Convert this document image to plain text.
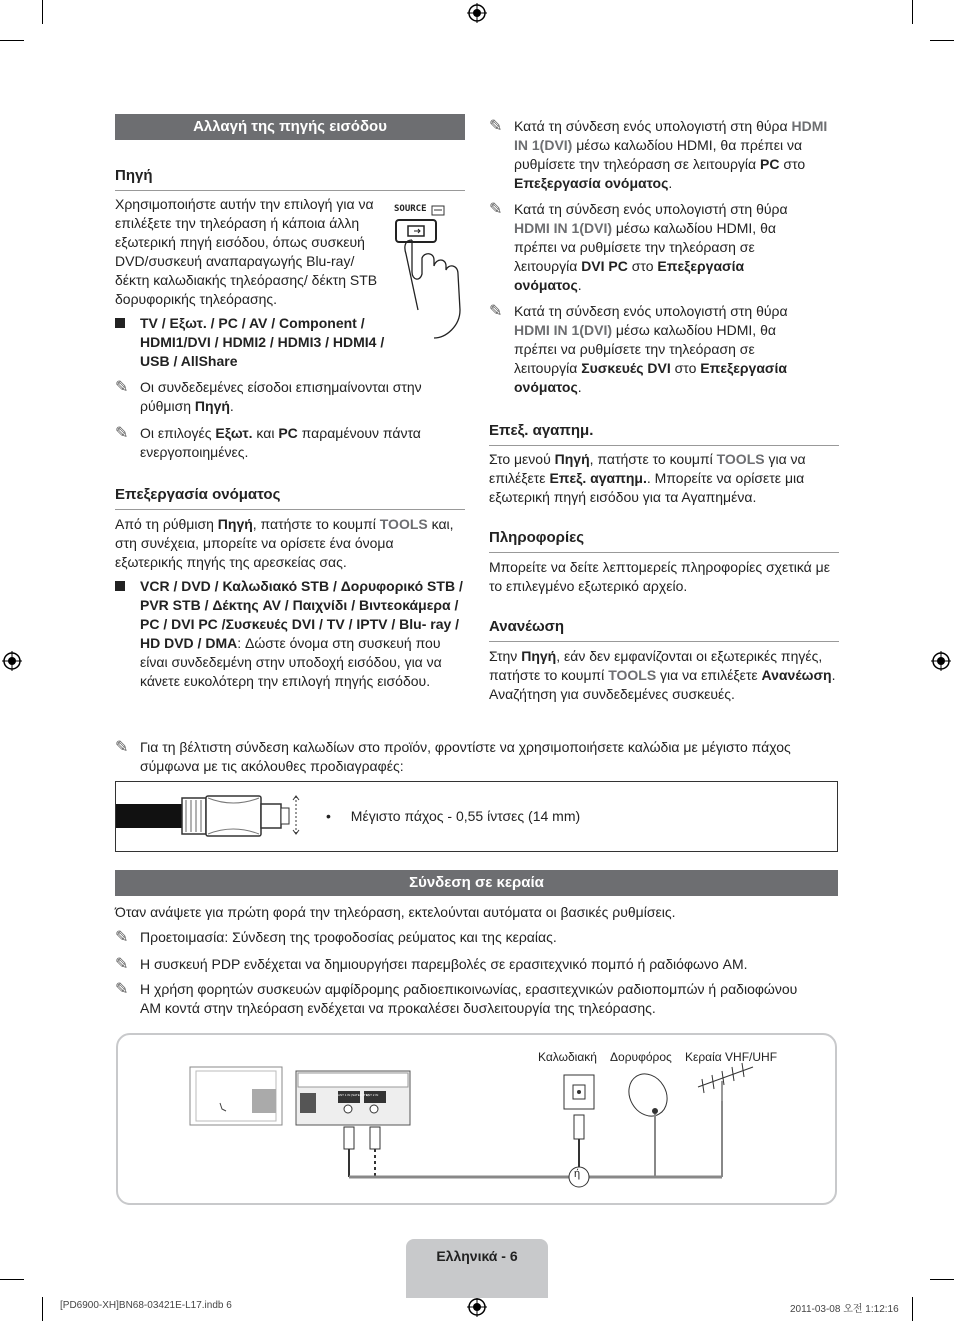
Αλλαγή της πηγής εισόδου
Πηγή
Χρησιμοποιήστε αυτήν την επιλογή για να επιλέξετε την τηλεόραση ή κάποια άλλη εξωτερική πηγή εισόδου, όπως συσκευή DVD/συσκευή αναπαραγωγής Blu-ray/δέκτη καλωδιακής τηλεόρασης/ δέκτη STB δορυφορικής τηλεόρασης.
SOURCE
TV / Εξωτ. / PC / AV / Component / HDMI1/DVI / HDMI2 / HDMI3 / HDMI4 / USB / AllShare
✎ Οι συνδεδεμένες είσοδοι επισημαίνονται στην ρύθμιση Πηγή.
✎ Οι επιλογές Εξωτ. και PC παραμένουν πάντα ενεργοποιημένες.
Επεξεργασία ονόματος
Από τη ρύθμιση Πηγή, πατήστε το κουμπί TOOLS και, στη συνέχεια, μπορείτε να ορίσετε ένα όνομα εξωτερικής πηγής της αρεσκείας σας.
VCR / DVD / Καλωδιακό STB / Δορυφορικό STB / PVR STB / Δέκτης AV / Παιχνίδι / Βιντεοκάμερα / PC / DVI PC /Συσκευές DVI / TV / IPTV / Blu- ray / HD DVD / DMA: Δώστε όνομα στη συσκευή που είναι συνδεδεμένη στην υποδοχή εισόδου, για να κάνετε ευκολότερη την επιλογή πηγής εισόδου.
✎ Κατά τη σύνδεση ενός υπολογιστή στη θύρα HDMI IN 1(DVI) μέσω καλωδίου HDMI, θα πρέπει να ρυθμίσετε την τηλεόραση σε λειτουργία PC στο Επεξεργασία ονόματος.
✎ Κατά τη σύνδεση ενός υπολογιστή στη θύρα HDMI IN 1(DVI) μέσω καλωδίου HDMI, θα πρέπει να ρυθμίσετε την τηλεόραση σε λειτουργία DVI PC στο Επεξεργασία ονόματος.
✎ Κατά τη σύνδεση ενός υπολογιστή στη θύρα HDMI IN 1(DVI) μέσω καλωδίου HDMI, θα πρέπει να ρυθμίσετε την τηλεόραση σε λειτουργία Συσκευές DVI στο Επεξεργασία ονόματος.
Επεξ. αγαπημ.
Στο μενού Πηγή, πατήστε το κουμπί TOOLS για να επιλέξετε Επεξ. αγαπημ.. Μπορείτε να ορίσετε μια εξωτερική πηγή εισόδου για τα Αγαπημένα.
Πληροφορίες
Μπορείτε να δείτε λεπτομερείς πληροφορίες σχετικά με το επιλεγμένο εξωτερικό αρχείο.
Ανανέωση
Στην Πηγή, εάν δεν εμφανίζονται οι εξωτερικές πηγές, πατήστε το κουμπί TOOLS για να επιλέξετε Ανανέωση. Αναζήτηση για συνδεδεμένες συσκευές.
✎ Για τη βέλτιστη σύνδεση καλωδίων στο προϊόν, φροντίστε να χρησιμοποιήσετε καλώδια με μέγιστο πάχος σύμφωνα με τις ακόλουθες προδιαγραφές:
• Μέγιστο πάχος - 0,55 ίντσες (14 mm)
Σύνδεση σε κεραία
Όταν ανάψετε για πρώτη φορά την τηλεόραση, εκτελούνται αυτόματα οι βασικές ρυθμίσεις.
✎ Προετοιμασία: Σύνδεση της τροφοδοσίας ρεύματος και της κεραίας.
✎ Η συσκευή PDP ενδέχεται να δημιουργήσει παρεμβολές σε ερασιτεχνικό πομπό ή ραδιόφωνο AM.
✎ Η χρήση φορητών συσκευών αμφίδρομης ραδιοεπικοινωνίας, ερασιτεχνικών ραδιοπομπών ή ραδιοφώνου AM κοντά στην τηλεόραση ενδέχεται να προκαλέσει δυσλειτουργία της τηλεόρασης.
Καλωδιακή Δορυφόρος Κεραία VHF/UHF
ή
ANT 1 IN (SATELLITE)
ANT 2 IN
Ελληνικά - 6
[PD6900-XH]BN68-03421E-L17.indb 6	2011-03-08 오전 1:12:16
